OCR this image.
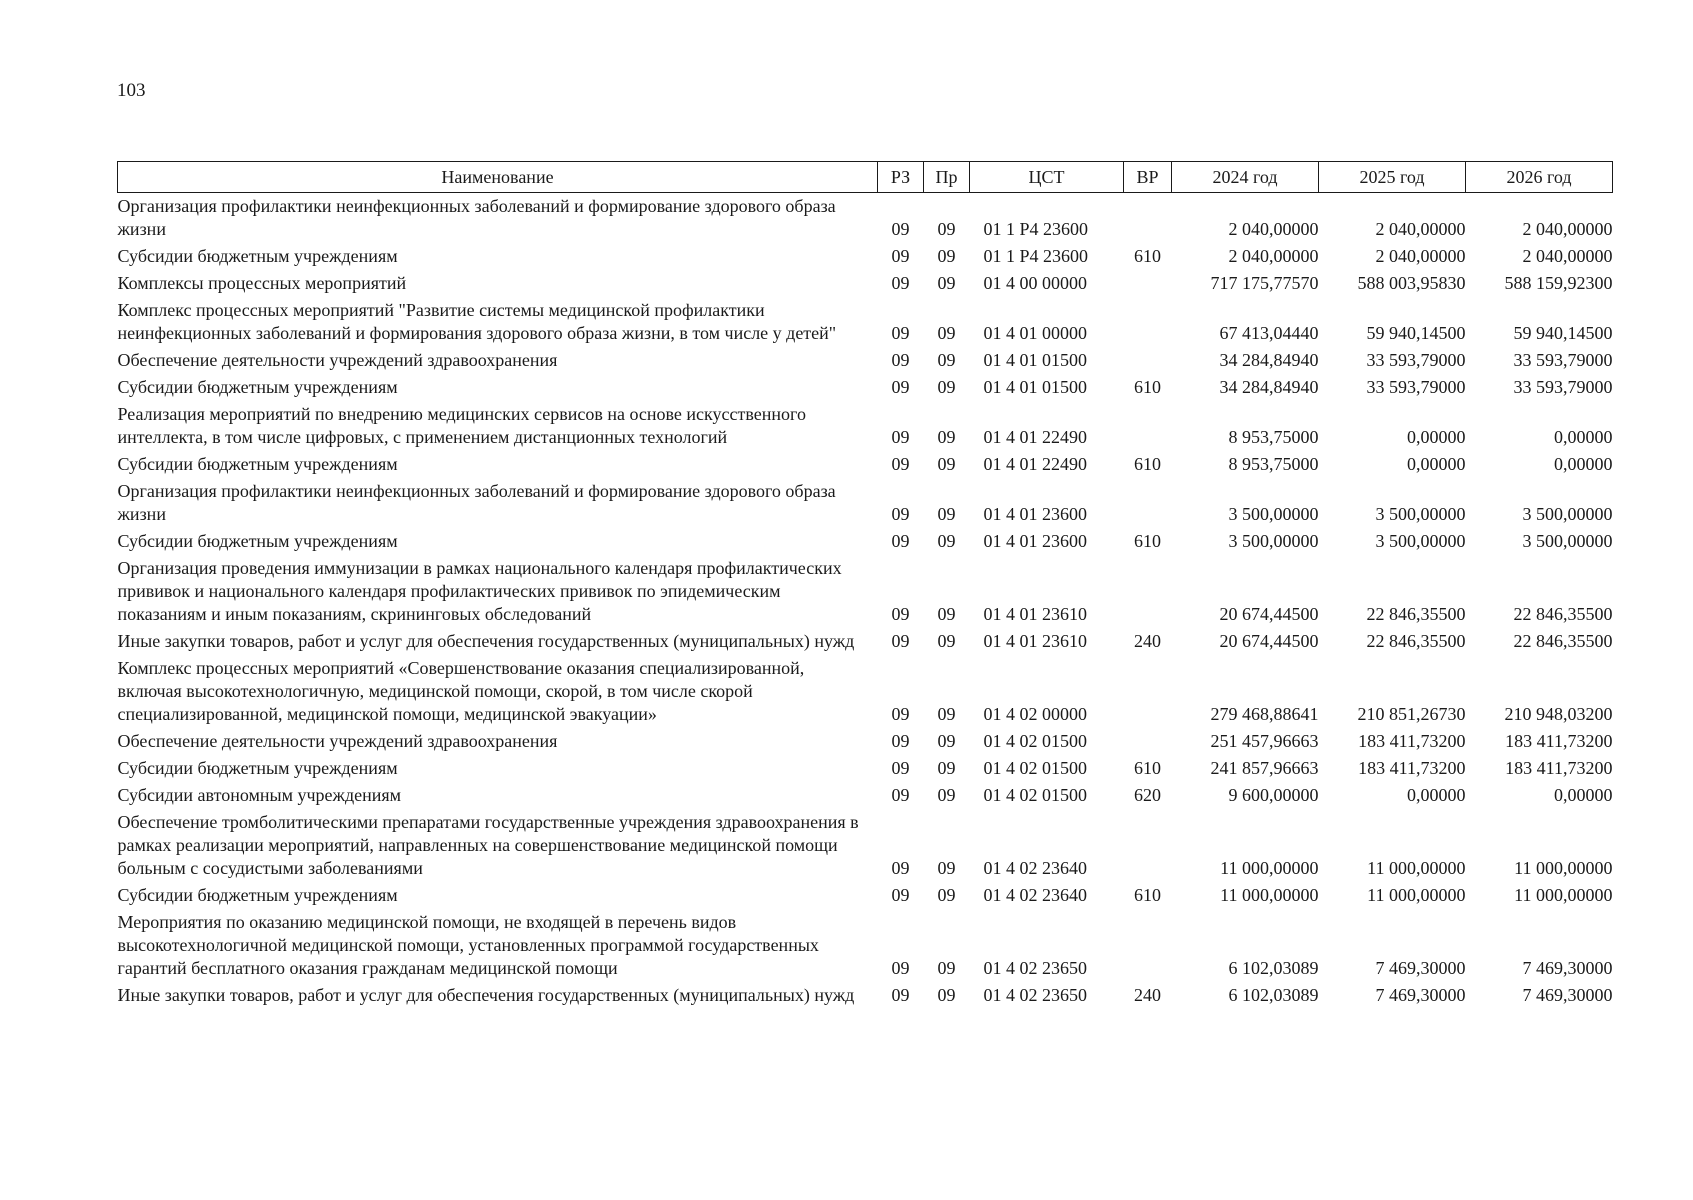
103
Наименование	РЗ	Пр	ЦСТ	ВР	2024 год	2025 год	2026 год
Организация профилактики неинфекционных заболеваний и формирование здорового образа жизни	09	09	01 1 Р4 23600		2 040,00000	2 040,00000	2 040,00000
Субсидии бюджетным учреждениям	09	09	01 1 Р4 23600	610	2 040,00000	2 040,00000	2 040,00000
Комплексы процессных мероприятий	09	09	01 4 00 00000		717 175,77570	588 003,95830	588 159,92300
Комплекс процессных мероприятий "Развитие системы медицинской профилактики неинфекционных заболеваний и формирования здорового образа жизни, в том числе у детей"	09	09	01 4 01 00000		67 413,04440	59 940,14500	59 940,14500
Обеспечение деятельности учреждений здравоохранения	09	09	01 4 01 01500		34 284,84940	33 593,79000	33 593,79000
Субсидии бюджетным учреждениям	09	09	01 4 01 01500	610	34 284,84940	33 593,79000	33 593,79000
Реализация мероприятий по внедрению медицинских сервисов на основе искусственного интеллекта, в том числе цифровых, с применением дистанционных технологий	09	09	01 4 01 22490		8 953,75000	0,00000	0,00000
Субсидии бюджетным учреждениям	09	09	01 4 01 22490	610	8 953,75000	0,00000	0,00000
Организация профилактики неинфекционных заболеваний и формирование здорового образа жизни	09	09	01 4 01 23600		3 500,00000	3 500,00000	3 500,00000
Субсидии бюджетным учреждениям	09	09	01 4 01 23600	610	3 500,00000	3 500,00000	3 500,00000
Организация проведения иммунизации в рамках национального календаря профилактических прививок и национального календаря профилактических прививок по эпидемическим показаниям и иным показаниям, скрининговых обследований	09	09	01 4 01 23610		20 674,44500	22 846,35500	22 846,35500
Иные закупки товаров, работ и услуг для обеспечения государственных (муниципальных) нужд	09	09	01 4 01 23610	240	20 674,44500	22 846,35500	22 846,35500
Комплекс процессных мероприятий «Совершенствование оказания специализированной, включая высокотехнологичную, медицинской помощи, скорой, в том числе скорой специализированной, медицинской помощи, медицинской эвакуации»	09	09	01 4 02 00000		279 468,88641	210 851,26730	210 948,03200
Обеспечение деятельности учреждений здравоохранения	09	09	01 4 02 01500		251 457,96663	183 411,73200	183 411,73200
Субсидии бюджетным учреждениям	09	09	01 4 02 01500	610	241 857,96663	183 411,73200	183 411,73200
Субсидии автономным учреждениям	09	09	01 4 02 01500	620	9 600,00000	0,00000	0,00000
Обеспечение тромболитическими препаратами государственные учреждения здравоохранения в рамках реализации мероприятий, направленных на совершенствование медицинской помощи больным с сосудистыми заболеваниями	09	09	01 4 02 23640		11 000,00000	11 000,00000	11 000,00000
Субсидии бюджетным учреждениям	09	09	01 4 02 23640	610	11 000,00000	11 000,00000	11 000,00000
Мероприятия по оказанию медицинской помощи, не входящей в перечень видов высокотехнологичной медицинской помощи, установленных программой государственных гарантий бесплатного оказания гражданам медицинской помощи	09	09	01 4 02 23650		6 102,03089	7 469,30000	7 469,30000
Иные закупки товаров, работ и услуг для обеспечения государственных (муниципальных) нужд	09	09	01 4 02 23650	240	6 102,03089	7 469,30000	7 469,30000
